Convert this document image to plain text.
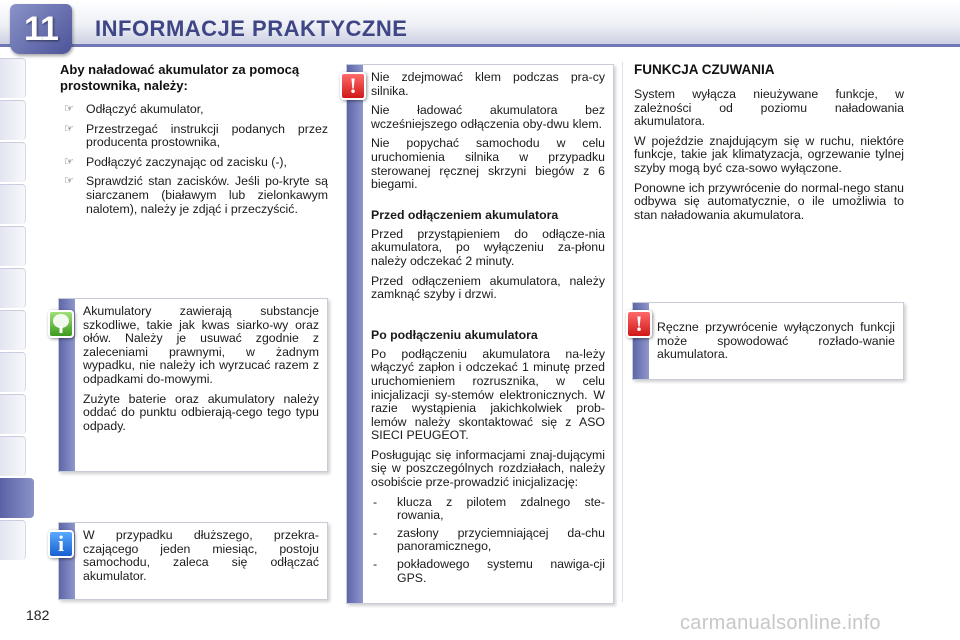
11	INFORMACJE PRAKTYCZNE
Aby naładować akumulator za pomocą prostownika, należy:
☞ Odłączyć akumulator,
☞ Przestrzegać instrukcji podanych przez producenta prostownika,
☞ Podłączyć zaczynając od zacisku (-),
☞ Sprawdzić stan zacisków. Jeśli po-kryte są siarczanem (białawym lub zielonkawym nalotem), należy je zdjąć i przeczyścić.

Akumulatory zawierają substancje szkodliwe, takie jak kwas siarko-wy oraz ołów. Należy je usuwać zgodnie z zaleceniami prawnymi, w żadnym wypadku, nie należy ich wyrzucać razem z odpadkami do-mowymi.

Zużyte baterie oraz akumulatory należy oddać do punktu odbierają-cego tego typu odpady.

W przypadku dłuższego, przekra-czającego jeden miesiąc, postoju samochodu, zaleca się odłączać akumulator.

i

Nie zdejmować klem podczas pra-cy silnika.

Nie ładować akumulatora bez wcześniejszego odłączenia oby-dwu klem.

Nie popychać samochodu w celu uruchomienia silnika w przypadku sterowanej ręcznej skrzyni biegów z 6 biegami.

Przed odłączeniem akumulatora

Przed przystąpieniem do odłącze-nia akumulatora, po wyłączeniu za-płonu należy odczekać 2 minuty.

Przed odłączeniem akumulatora, należy zamknąć szyby i drzwi.

Po podłączeniu akumulatora

Po podłączeniu akumulatora na-leży włączyć zapłon i odczekać 1 minutę przed uruchomieniem rozrusznika, w celu inicjalizacji sy-stemów elektronicznych. W razie wystąpienia jakichkolwiek prob-lemów należy skontaktować się z ASO SIECI PEUGEOT.

Posługując się informacjami znaj-dującymi się w poszczególnych rozdziałach, należy osobiście prze-prowadzić inicjalizację:

- klucza z pilotem zdalnego ste-rowania,
- zasłony przyciemniającej da-chu panoramicznego,
- pokładowego systemu nawiga-cji GPS.
!
FUNKCJA CZUWANIA

System wyłącza nieużywane funkcje, w zależności od poziomu naładowania akumulatora.

W pojeździe znajdującym się w ruchu, niektóre funkcje, takie jak klimatyzacja, ogrzewanie tylnej szyby mogą być cza-sowo wyłączone.

Ponowne ich przywrócenie do normal-nego stanu odbywa się automatycznie, o ile umożliwia to stan naładowania akumulatora.

Ręczne przywrócenie wyłączonych funkcji może spowodować rozłado-wanie akumulatora.

!
182	carmanualsonline.info
